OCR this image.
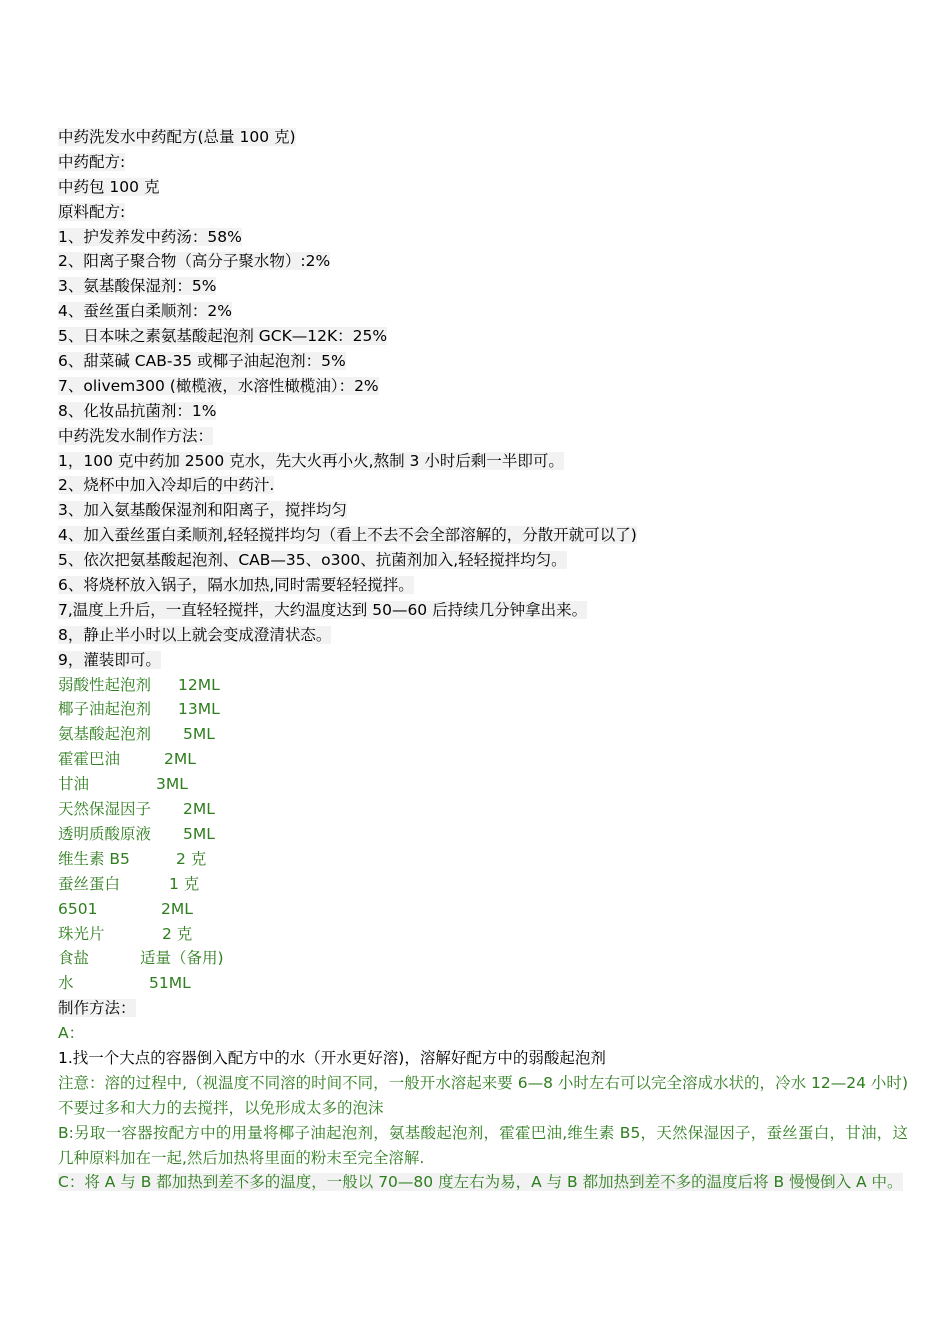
中药洗发水中药配方(总量 100 克)
中药配方:
中药包 100 克
原料配方:
1、护发养发中药汤：58%
2、阳离子聚合物（高分子聚水物）:2%
3、氨基酸保湿剂：5%
4、蚕丝蛋白柔顺剂：2%
5、日本味之素氨基酸起泡剂 GCK—12K：25%
6、甜菜碱 CAB-35 或椰子油起泡剂：5%
7、olivem300 (橄榄液，水溶性橄榄油）：2%
8、化妆品抗菌剂：1%
中药洗发水制作方法：
1，100 克中药加 2500 克水，先大火再小火,熬制 3 小时后剩一半即可。
2、烧杯中加入冷却后的中药汁.
3、加入氨基酸保湿剂和阳离子，搅拌均匀
4、加入蚕丝蛋白柔顺剂,轻轻搅拌均匀（看上不去不会全部溶解的，分散开就可以了)
5、依次把氨基酸起泡剂、CAB—35、o300、抗菌剂加入,轻轻搅拌均匀。
6、将烧杯放入锅子，隔水加热,同时需要轻轻搅拌。
7,温度上升后，一直轻轻搅拌，大约温度达到 50—60 后持续几分钟拿出来。
8，静止半小时以上就会变成澄清状态。
9，灌装即可。
弱酸性起泡剂	12ML
椰子油起泡剂	13ML
氨基酸起泡剂	5ML
霍霍巴油	2ML
甘油	3ML
天然保湿因子	2ML
透明质酸原液	5ML
维生素 B5	2 克
蚕丝蛋白	1 克
6501	2ML
珠光片	2 克
食盐	适量（备用)
水	51ML
制作方法：
A：
1.找一个大点的容器倒入配方中的水（开水更好溶)，溶解好配方中的弱酸起泡剂
注意：溶的过程中,（视温度不同溶的时间不同，一般开水溶起来要 6—8 小时左右可以完全溶成水状的，冷水 12—24 小时)不要过多和大力的去搅拌，以免形成太多的泡沫
B:另取一容器按配方中的用量将椰子油起泡剂，氨基酸起泡剂，霍霍巴油,维生素 B5，天然保湿因子，蚕丝蛋白，甘油，这几种原料加在一起,然后加热将里面的粉末至完全溶解.
C：将 A 与 B 都加热到差不多的温度，一般以 70—80 度左右为易，A 与 B 都加热到差不多的温度后将 B 慢慢倒入 A 中。
